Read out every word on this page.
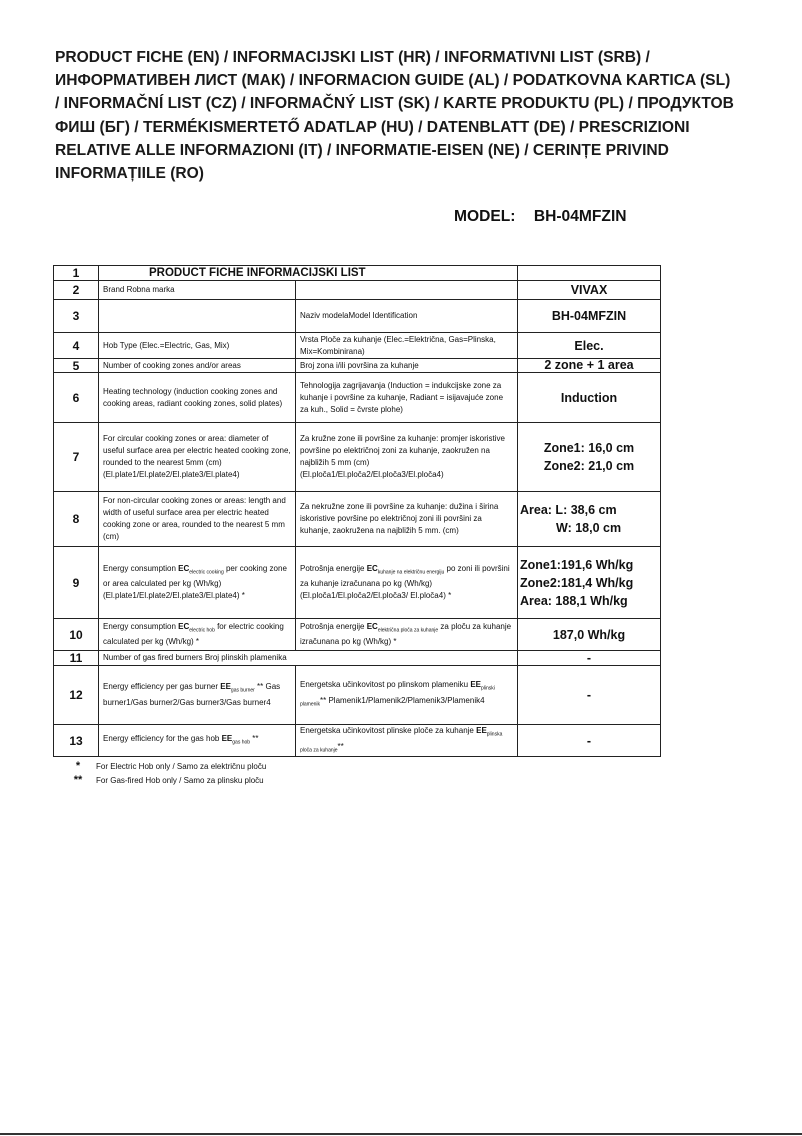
PRODUCT FICHE (EN) / INFORMACIJSKI LIST (HR) / INFORMATIVNI LIST (SRB) /
ИНФОРМАТИВЕН ЛИСТ (МАК) / INFORMACION GUIDE (AL) / PODATKOVNA KARTICA (SL)
/ INFORMAČNÍ LIST (CZ) / INFORMAČNÝ LIST (SK) / KARTE PRODUKTU (PL) / ПРОДУКТОВ
ФИШ (БГ) / TERMÉKISMERTETŐ ADATLAP (HU) / DATENBLATT (DE) / PRESCRIZIONI
RELATIVE ALLE INFORMAZIONI (IT) / INFORMATIE-EISEN (NE) / CERINȚE PRIVIND
INFORMAȚIILE (RO)
MODEL: BH-04MFZIN
1	PRODUCT FICHE INFORMACIJSKI LIST		
2	Brand Robna marka		VIVAX
3		Naziv modelaModel Identification	BH-04MFZIN
4	Hob Type (Elec.=Electric, Gas, Mix)	Vrsta Ploče za kuhanje (Elec.=Električna, Gas=Plinska, Mix=Kombinirana)	Elec.
5	Number of cooking zones and/or areas	Broj zona i/ili površina za kuhanje	2 zone + 1 area
6	Heating technology (induction cooking zones and cooking areas, radiant cooking zones, solid plates)	Tehnologija zagrijavanja (Induction = indukcijske zone za kuhanje i površine za kuhanje, Radiant = isijavajuće zone za kuh., Solid = čvrste plohe)	Induction
7	For circular cooking zones or area: diameter of useful surface area per electric heated cooking zone, rounded to the nearest 5mm (cm) (El.plate1/El.plate2/El.plate3/El.plate4)	Za kružne zone ili površine za kuhanje: promjer iskoristive površine po električnoj zoni za kuhanje, zaokružen na najbližih 5 mm (cm) (El.ploča1/El.ploča2/El.ploča3/El.ploča4)	Zone1: 16,0 cm
Zone2: 21,0 cm

8	For non-circular cooking zones or areas: length and width of useful surface area per electric heated cooking zone or area, rounded to the nearest 5 mm (cm)	Za nekružne zone ili površine za kuhanje: dužina i širina iskoristive površine po električnoj zoni ili površini za kuhanje, zaokružena na najbližih 5 mm. (cm)	Area: L: 38,6 cm
W: 18,0 cm

9	Energy consumption $EC_{electric cooking}$ per cooking zone or area calculated per kg (Wh/kg) (El.plate1/El.plate2/El.plate3/El.plate4) *	Potrošnja energije $EC_{kuhanje na električnu energiju}$ po zoni ili površini za kuhanje izračunana po kg (Wh/kg) (El.ploča1/El.ploča2/El.ploča3/ El.ploča4) *	Zone1:191,6 Wh/kg
Zone2:181,4 Wh/kg
Area: 188,1 Wh/kg

10	Energy consumption $EC_{electric hob}$ for electric cooking calculated per kg (Wh/kg) *	Potrošnja energije $EC_{električna ploča za kuhanje}$ za ploču za kuhanje izračunana po kg (Wh/kg) *	187,0 Wh/kg
11	Number of gas fired burners Broj plinskih plamenika		-
12	Energy efficiency per gas burner $EE_{gas burner}$ ** Gas burner1/Gas burner2/Gas burner3/Gas burner4	Energetska učinkovitost po plinskom plameniku $EE_{plinski plamenik}**$ Plamenik1/Plamenik2/Plamenik3/Plamenik4	-
13	Energy efficiency for the gas hob $EE_{gas hob}$ **	Energetska učinkovitost plinske ploče za kuhanje $EE_{plinska ploča za kuhanje}**$	-
*	For Electric Hob only / Samo za električnu ploču
**	For Gas-fired Hob only / Samo za plinsku ploču
